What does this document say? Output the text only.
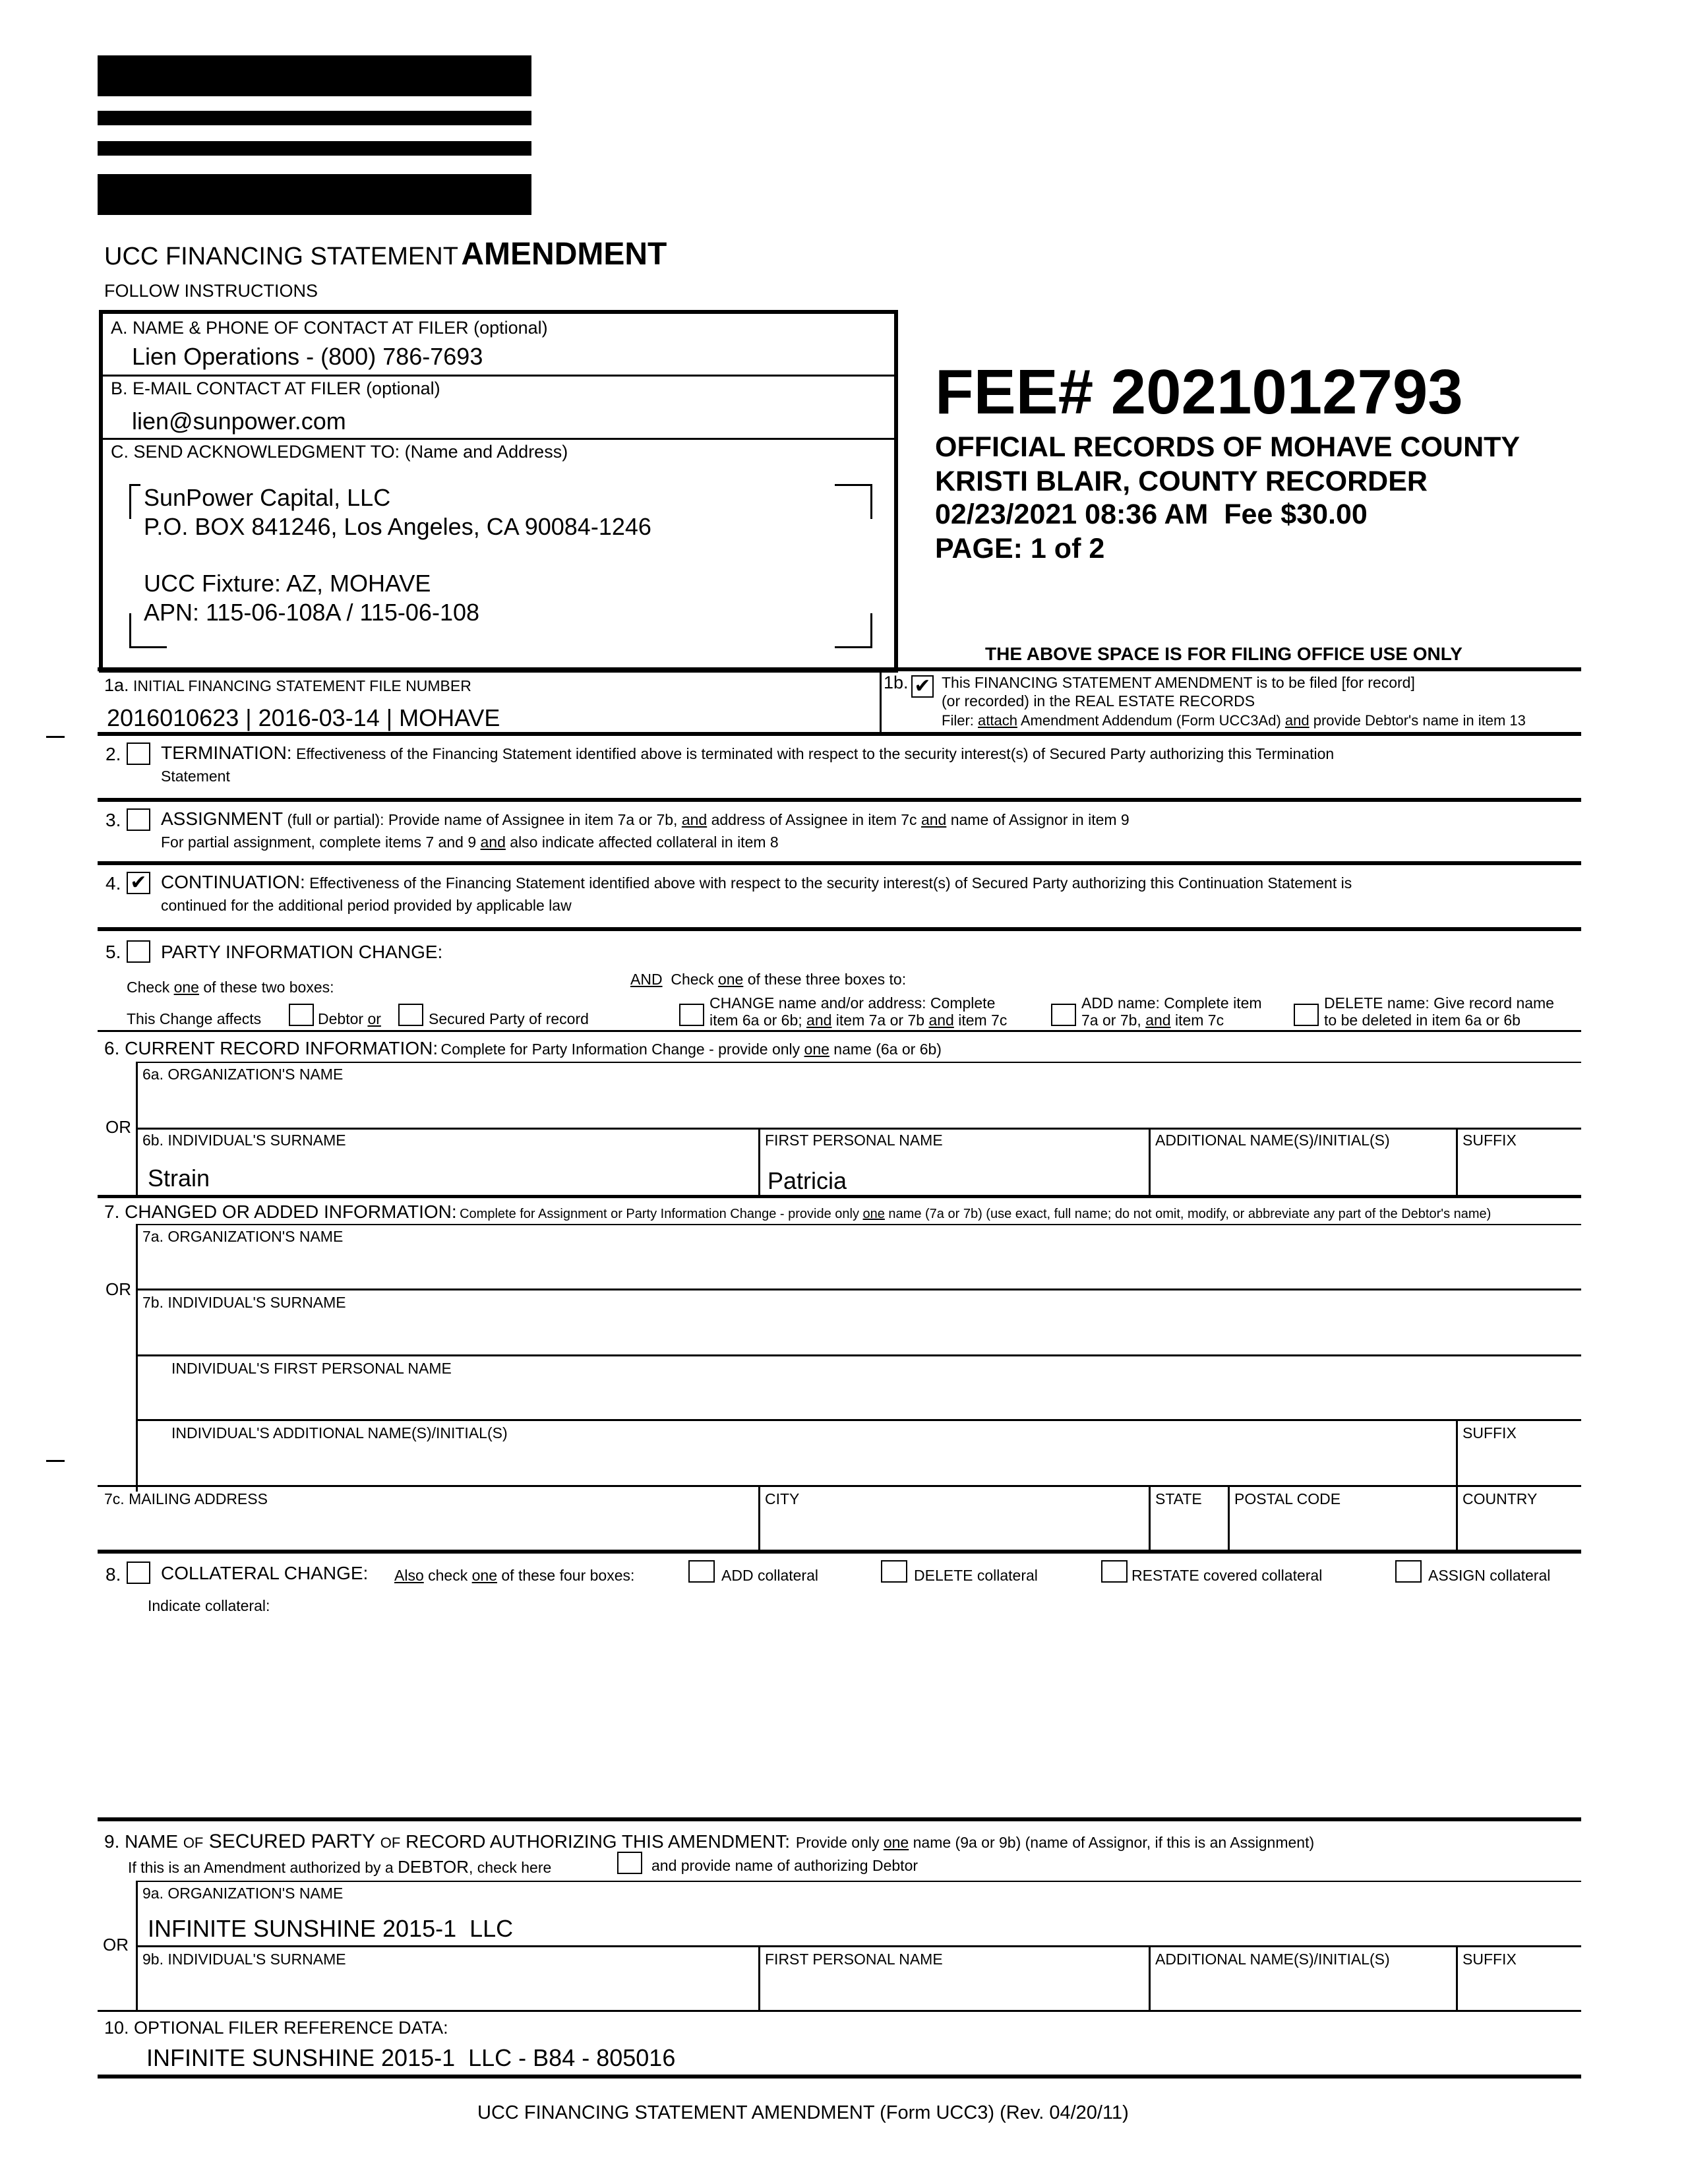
UCC FINANCING STATEMENT AMENDMENT
FOLLOW INSTRUCTIONS
A. NAME & PHONE OF CONTACT AT FILER (optional)
Lien Operations - (800) 786-7693
B. E-MAIL CONTACT AT FILER (optional)
lien@sunpower.com
C. SEND ACKNOWLEDGMENT TO: (Name and Address)
SunPower Capital, LLC
P.O. BOX 841246, Los Angeles, CA 90084-1246
UCC Fixture: AZ, MOHAVE
APN: 115-06-108A / 115-06-108
FEE# 2021012793
OFFICIAL RECORDS OF MOHAVE COUNTY
KRISTI BLAIR, COUNTY RECORDER
02/23/2021 08:36 AM  Fee $30.00
PAGE: 1 of 2
THE ABOVE SPACE IS FOR FILING OFFICE USE ONLY
1a. INITIAL FINANCING STATEMENT FILE NUMBER
2016010623 | 2016-03-14 | MOHAVE
1b. ✔ This FINANCING STATEMENT AMENDMENT is to be filed [for record]
(or recorded) in the REAL ESTATE RECORDS
Filer: attach Amendment Addendum (Form UCC3Ad) and provide Debtor's name in item 13
2. TERMINATION: Effectiveness of the Financing Statement identified above is terminated with respect to the security interest(s) of Secured Party authorizing this Termination
Statement
3. ASSIGNMENT (full or partial): Provide name of Assignee in item 7a or 7b, and address of Assignee in item 7c and name of Assignor in item 9
For partial assignment, complete items 7 and 9 and also indicate affected collateral in item 8
4. ✔ CONTINUATION: Effectiveness of the Financing Statement identified above with respect to the security interest(s) of Secured Party authorizing this Continuation Statement is
continued for the additional period provided by applicable law
5. PARTY INFORMATION CHANGE:
Check one of these two boxes:	AND Check one of these three boxes to:
This Change affects	Debtor or	Secured Party of record
CHANGE name and/or address: Complete
item 6a or 6b; and item 7a or 7b and item 7c
ADD name: Complete item
7a or 7b, and item 7c
DELETE name: Give record name
to be deleted in item 6a or 6b
6. CURRENT RECORD INFORMATION: Complete for Party Information Change - provide only one name (6a or 6b)
6a. ORGANIZATION'S NAME
OR
6b. INDIVIDUAL'S SURNAME	FIRST PERSONAL NAME	ADDITIONAL NAME(S)/INITIAL(S)	SUFFIX
Strain	Patricia
7. CHANGED OR ADDED INFORMATION: Complete for Assignment or Party Information Change - provide only one name (7a or 7b) (use exact, full name; do not omit, modify, or abbreviate any part of the Debtor's name)
7a. ORGANIZATION'S NAME
OR
7b. INDIVIDUAL'S SURNAME
INDIVIDUAL'S FIRST PERSONAL NAME
INDIVIDUAL'S ADDITIONAL NAME(S)/INITIAL(S)	SUFFIX
7c. MAILING ADDRESS	CITY	STATE POSTAL CODE	COUNTRY
8. COLLATERAL CHANGE: Also check one of these four boxes:	ADD collateral	DELETE collateral	RESTATE covered collateral	ASSIGN collateral
Indicate collateral:
9. NAME OF SECURED PARTY OF RECORD AUTHORIZING THIS AMENDMENT: Provide only one name (9a or 9b) (name of Assignor, if this is an Assignment)
If this is an Amendment authorized by a DEBTOR, check here	and provide name of authorizing Debtor
9a. ORGANIZATION'S NAME
INFINITE SUNSHINE 2015-1  LLC
OR
9b. INDIVIDUAL'S SURNAME	FIRST PERSONAL NAME	ADDITIONAL NAME(S)/INITIAL(S)	SUFFIX
10. OPTIONAL FILER REFERENCE DATA:
INFINITE SUNSHINE 2015-1  LLC - B84 - 805016
UCC FINANCING STATEMENT AMENDMENT (Form UCC3) (Rev. 04/20/11)
